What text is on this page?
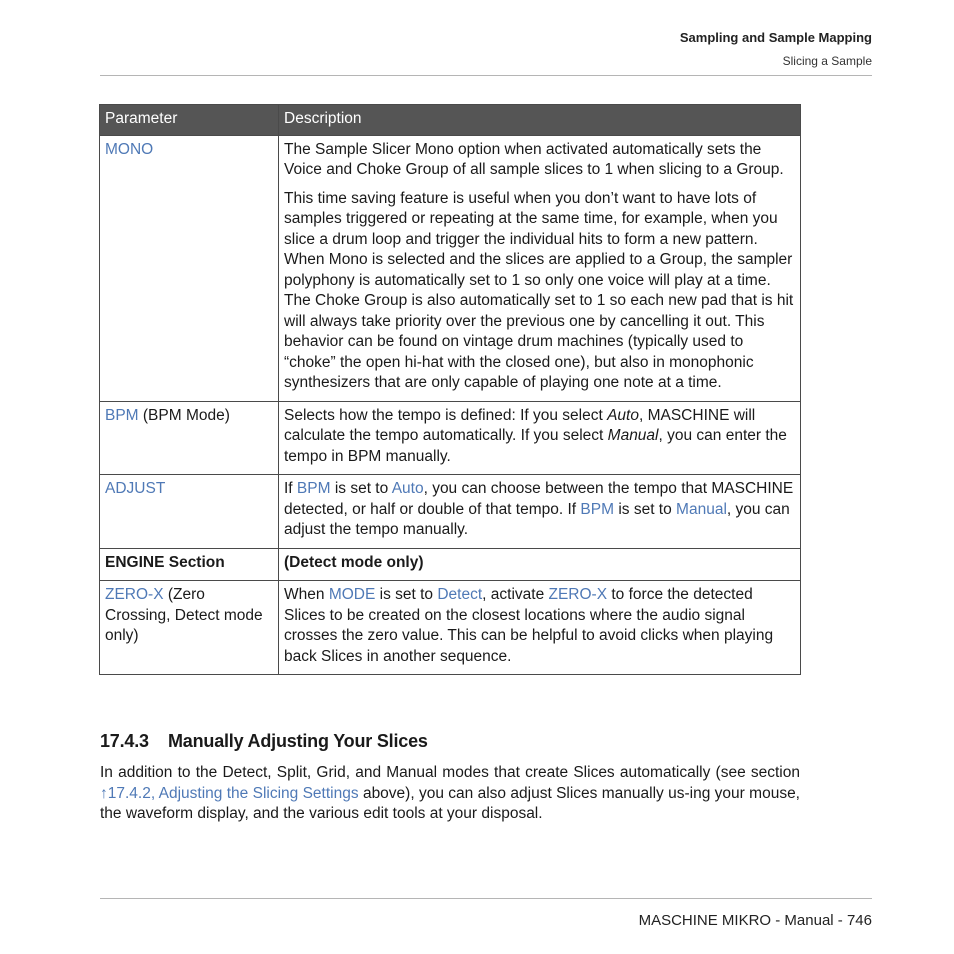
Sampling and Sample Mapping
Slicing a Sample
Parameter	Description
MONO	The Sample Slicer Mono option when activated automatically sets the Voice and Choke Group of all sample slices to 1 when slicing to a Group.

This time saving feature is useful when you don’t want to have lots of samples triggered or repeating at the same time, for example, when you slice a drum loop and trigger the individual hits to form a new pattern. When Mono is selected and the slices are applied to a Group, the sampler polyphony is automatically set to 1 so only one voice will play at a time. The Choke Group is also automatically set to 1 so each new pad that is hit will always take priority over the previous one by cancelling it out. This behavior can be found on vintage drum machines (typically used to “choke” the open hi-hat with the closed one), but also in monophonic synthesizers that are only capable of playing one note at a time.

BPM (BPM Mode)	Selects how the tempo is defined: If you select Auto, MASCHINE will calculate the tempo automatically. If you select Manual, you can enter the tempo in BPM manually.
ADJUST	If BPM is set to Auto, you can choose between the tempo that MASCHINE detected, or half or double of that tempo. If BPM is set to Manual, you can adjust the tempo manually.
ENGINE Section	(Detect mode only)
ZERO-X (Zero Crossing, Detect mode only)	When MODE is set to Detect, activate ZERO-X to force the detected Slices to be created on the closest locations where the audio signal crosses the zero value. This can be helpful to avoid clicks when playing back Slices in another sequence.
17.4.3 Manually Adjusting Your Slices
In addition to the Detect, Split, Grid, and Manual modes that create Slices automatically (see section ↑17.4.2, Adjusting the Slicing Settings above), you can also adjust Slices manually us-ing your mouse, the waveform display, and the various edit tools at your disposal.
MASCHINE MIKRO - Manual - 746
